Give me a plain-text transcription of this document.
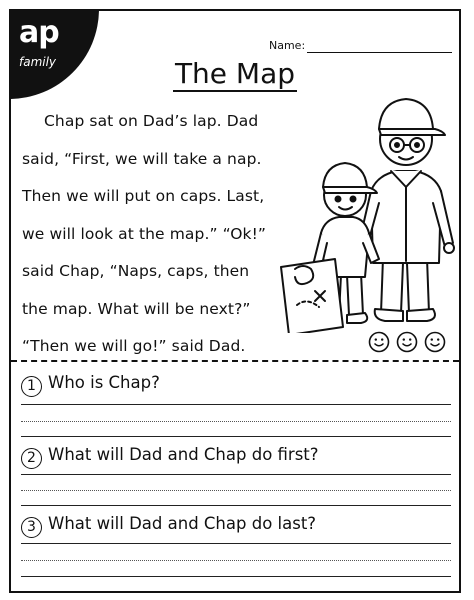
ap
family
Name:
The Map
Chap sat on Dad’s lap. Dad
said, “First, we will take a nap.
Then we will put on caps. Last,
we will look at the map.” “Ok!”
said Chap, “Naps, caps, then
the map. What will be next?”
“Then we will go!” said Dad.
1 Who is Chap?
2 What will Dad and Chap do first?
3 What will Dad and Chap do last?
